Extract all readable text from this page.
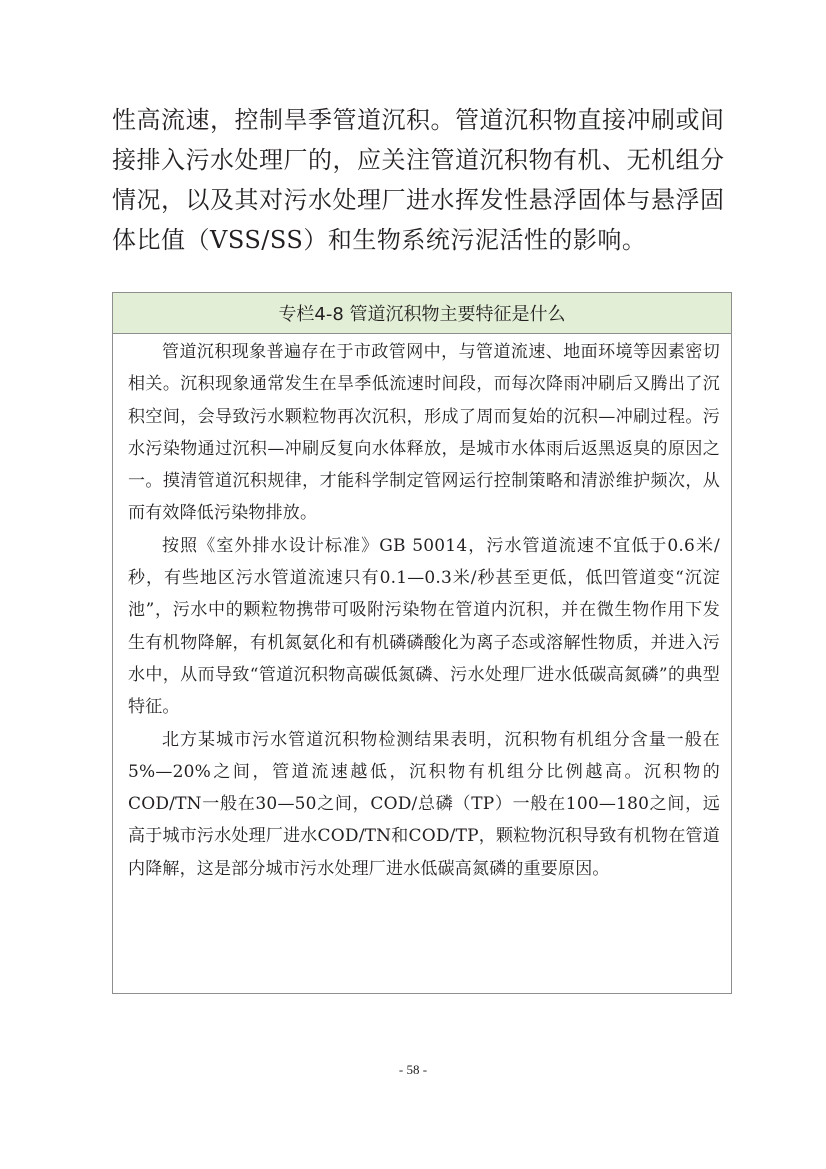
性高流速，控制旱季管道沉积。管道沉积物直接冲刷或间接排入污水处理厂的，应关注管道沉积物有机、无机组分情况，以及其对污水处理厂进水挥发性悬浮固体与悬浮固体比值（VSS/SS）和生物系统污泥活性的影响。

专栏4-8 管道沉积物主要特征是什么

管道沉积现象普遍存在于市政管网中，与管道流速、地面环境等因素密切相关。沉积现象通常发生在旱季低流速时间段，而每次降雨冲刷后又腾出了沉积空间，会导致污水颗粒物再次沉积，形成了周而复始的沉积—冲刷过程。污水污染物通过沉积—冲刷反复向水体释放，是城市水体雨后返黑返臭的原因之一。摸清管道沉积规律，才能科学制定管网运行控制策略和清淤维护频次，从而有效降低污染物排放。

按照《室外排水设计标准》GB 50014，污水管道流速不宜低于0.6米/秒，有些地区污水管道流速只有0.1—0.3米/秒甚至更低，低凹管道变“沉淀池”，污水中的颗粒物携带可吸附污染物在管道内沉积，并在微生物作用下发生有机物降解，有机氮氨化和有机磷磷酸化为离子态或溶解性物质，并进入污水中，从而导致“管道沉积物高碳低氮磷、污水处理厂进水低碳高氮磷”的典型特征。

北方某城市污水管道沉积物检测结果表明，沉积物有机组分含量一般在5%—20%之间，管道流速越低，沉积物有机组分比例越高。沉积物的COD/TN一般在30—50之间，COD/总磷（TP）一般在100—180之间，远高于城市污水处理厂进水COD/TN和COD/TP，颗粒物沉积导致有机物在管道内降解，这是部分城市污水处理厂进水低碳高氮磷的重要原因。

- 58 -
